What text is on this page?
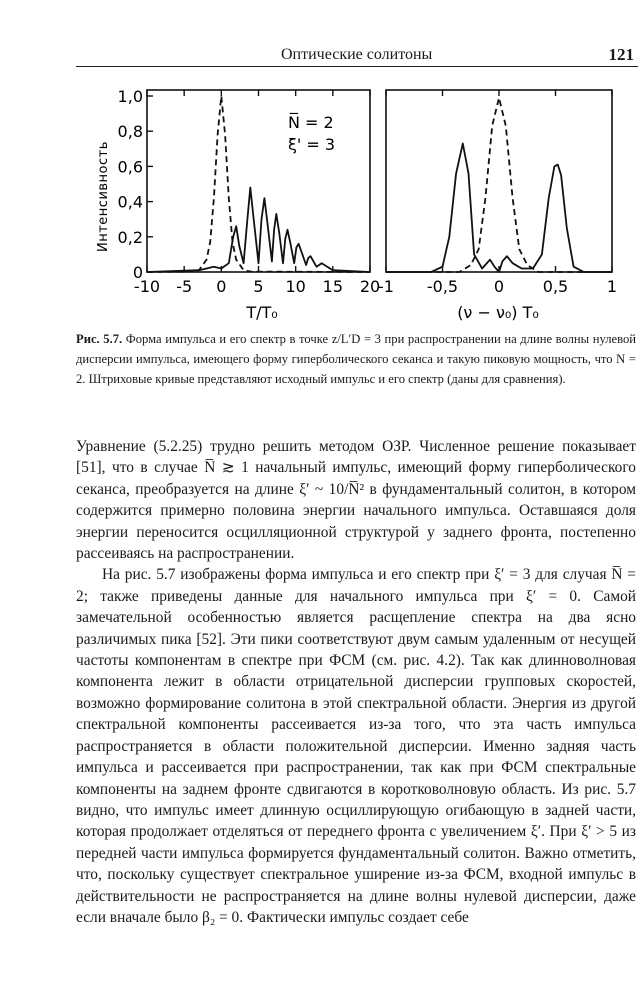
Оптические солитоны	121
-10 -5 0 5 10 15 20
0
0,2
0,4
0,6
0,8
1,0
-1 -0,5 0 0,5 1
N̅ = 2
ξ' = 3
Интенсивность
T/T₀	(ν − ν₀) T₀
Рис. 5.7. Форма импульса и его спектр в точке z/L′D = 3 при распространении на длине волны нулевой дисперсии импульса, имеющего форму гиперболического секанса и такую пиковую мощность, что N = 2. Штриховые кривые представляют исходный импульс и его спектр (даны для сравнения).

Уравнение (5.2.25) трудно решить методом ОЗР. Численное решение показывает [51], что в случае N̅ ≳ 1 начальный импульс, имеющий форму гиперболического секанса, преобразуется на длине ξ′ ~ 10/N̅² в фундаментальный солитон, в котором содержится примерно половина энергии начального импульса. Оставшаяся доля энергии переносится осцилляционной структурой у заднего фронта, постепенно рассеиваясь на распространении.

На рис. 5.7 изображены форма импульса и его спектр при ξ′ = 3 для случая N̅ = 2; также приведены данные для начального импульса при ξ′ = 0. Самой замечательной особенностью является расщепление спектра на два ясно различимых пика [52]. Эти пики соответствуют двум самым удаленным от несущей частоты компонентам в спектре при ФСМ (см. рис. 4.2). Так как длинноволновая компонента лежит в области отрицательной дисперсии групповых скоростей, возможно формирование солитона в этой спектральной области. Энергия из другой спектральной компоненты рассеивается из-за того, что эта часть импульса распространяется в области положительной дисперсии. Именно задняя часть импульса и рассеивается при распространении, так как при ФСМ спектральные компоненты на заднем фронте сдвигаются в коротковолновую область. Из рис. 5.7 видно, что импульс имеет длинную осциллирующую огибающую в задней части, которая продолжает отделяться от переднего фронта с увеличением ξ′. При ξ′ > 5 из передней части импульса формируется фундаментальный солитон. Важно отметить, что, поскольку существует спектральное уширение из-за ФСМ, входной импульс в действительности не распространяется на длине волны нулевой дисперсии, даже если вначале было β₂ = 0. Фактически импульс создает себе
